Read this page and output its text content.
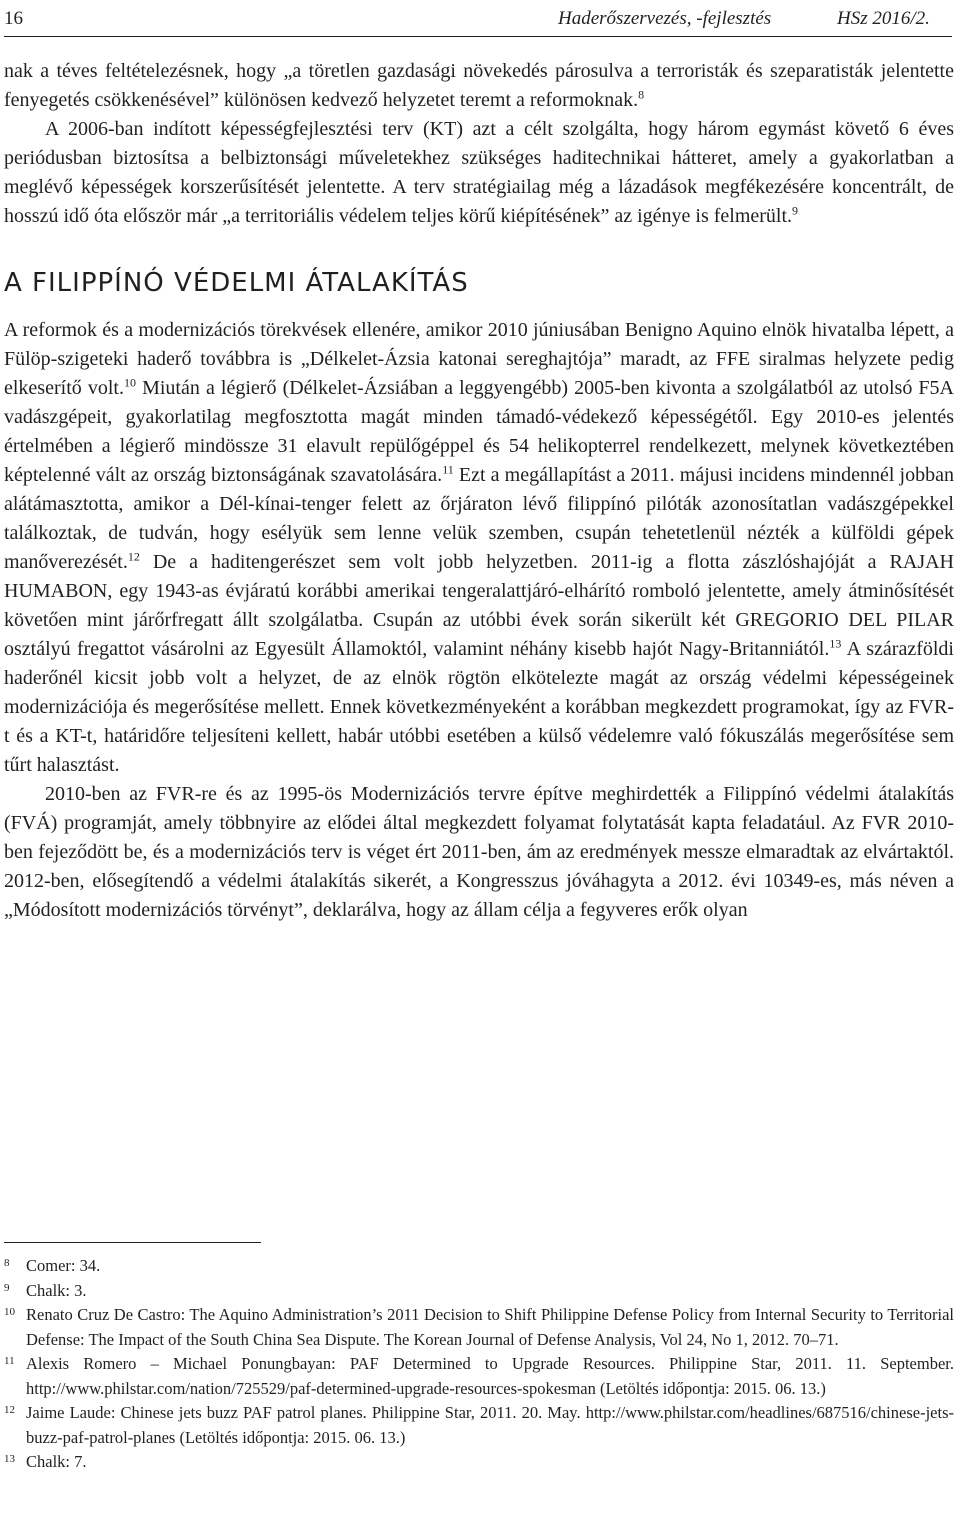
16	Haderőszervezés, -fejlesztés	HSz 2016/2.

nak a téves feltételezésnek, hogy „a töretlen gazdasági növekedés párosulva a terroristák és szeparatisták jelentette fenyegetés csökkenésével” különösen kedvező helyzetet teremt a reformoknak.$^8$

A 2006-ban indított képességfejlesztési terv (KT) azt a célt szolgálta, hogy három egymást követő 6 éves periódusban biztosítsa a belbiztonsági műveletekhez szükséges haditechnikai hátteret, amely a gyakorlatban a meglévő képességek korszerűsítését jelentette. A terv stratégiailag még a lázadások megfékezésére koncentrált, de hosszú idő óta először már „a territoriális védelem teljes körű kiépítésének” az igénye is felmerült.$^9$

A FILIPPÍNÓ VÉDELMI ÁTALAKÍTÁS

A reformok és a modernizációs törekvések ellenére, amikor 2010 júniusában Benigno Aquino elnök hivatalba lépett, a Fülöp-szigeteki haderő továbbra is „Délkelet-Ázsia katonai sereghajtója” maradt, az FFE siralmas helyzete pedig elkeserítő volt.$^{10}$ Miután a légierő (Délkelet-Ázsiában a leggyengébb) 2005-ben kivonta a szolgálatból az utolsó F5A vadászgépeit, gyakorlatilag megfosztotta magát minden támadó-védekező képességétől. Egy 2010-es jelentés értelmében a légierő mindössze 31 elavult repülőgéppel és 54 helikopterrel rendelkezett, melynek következtében képtelenné vált az ország biztonságának szavatolására.$^{11}$ Ezt a megállapítást a 2011. májusi incidens mindennél jobban alátámasztotta, amikor a Dél-kínai-tenger felett az őrjáraton lévő filippínó pilóták azonosítatlan vadászgépekkel találkoztak, de tudván, hogy esélyük sem lenne velük szemben, csupán tehetetlenül nézték a külföldi gépek manőverezését.$^{12}$ De a haditengerészet sem volt jobb helyzetben. 2011-ig a flotta zászlóshajóját a RAJAH HUMABON, egy 1943-as évjáratú korábbi amerikai tengeralattjáró-elhárító romboló jelentette, amely átminősítését követően mint járőrfregatt állt szolgálatba. Csupán az utóbbi évek során sikerült két GREGORIO DEL PILAR osztályú fregattot vásárolni az Egyesült Államoktól, valamint néhány kisebb hajót Nagy-Britanniától.$^{13}$ A szárazföldi haderőnél kicsit jobb volt a helyzet, de az elnök rögtön elkötelezte magát az ország védelmi képességeinek modernizációja és megerősítése mellett. Ennek következményeként a korábban megkezdett programokat, így az FVR-t és a KT-t, határidőre teljesíteni kellett, habár utóbbi esetében a külső védelemre való fókuszálás megerősítése sem tűrt halasztást.

2010-ben az FVR-re és az 1995-ös Modernizációs tervre építve meghirdették a Filippínó védelmi átalakítás (FVÁ) programját, amely többnyire az elődei által megkezdett folyamat folytatását kapta feladatául. Az FVR 2010-ben fejeződött be, és a modernizációs terv is véget ért 2011-ben, ám az eredmények messze elmaradtak az elvártaktól. 2012-ben, elősegítendő a védelmi átalakítás sikerét, a Kongresszus jóváhagyta a 2012. évi 10349-es, más néven a „Módosított modernizációs törvényt”, deklarálva, hogy az állam célja a fegyveres erők olyan

8 Comer: 34.
9 Chalk: 3.
10 Renato Cruz De Castro: The Aquino Administration’s 2011 Decision to Shift Philippine Defense Policy from Internal Security to Territorial Defense: The Impact of the South China Sea Dispute. The Korean Journal of Defense Analysis, Vol 24, No 1, 2012. 70–71.
11 Alexis Romero – Michael Ponungbayan: PAF Determined to Upgrade Resources. Philippine Star, 2011. 11. September. http://www.philstar.com/nation/725529/paf-determined-upgrade-resources-spokesman (Letöltés időpontja: 2015. 06. 13.)
12 Jaime Laude: Chinese jets buzz PAF patrol planes. Philippine Star, 2011. 20. May. http://www.philstar.com/headlines/687516/chinese-jets-buzz-paf-patrol-planes (Letöltés időpontja: 2015. 06. 13.)
13 Chalk: 7.
